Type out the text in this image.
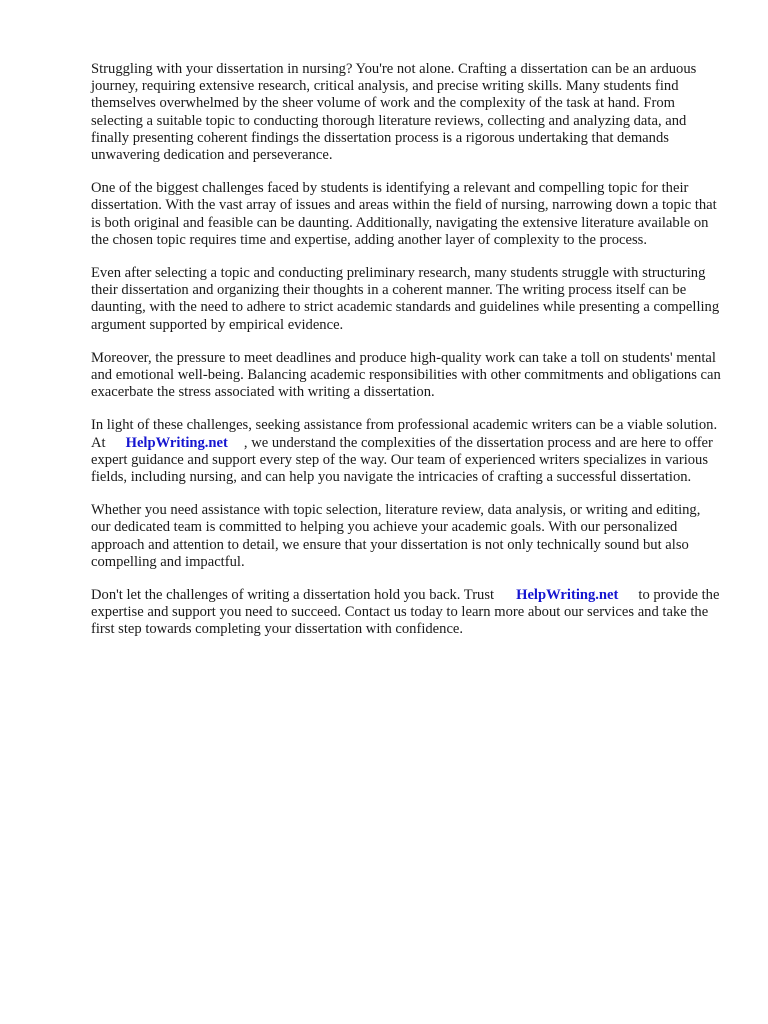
Struggling with your dissertation in nursing? You're not alone. Crafting a dissertation can be an arduous journey, requiring extensive research, critical analysis, and precise writing skills. Many students find themselves overwhelmed by the sheer volume of work and the complexity of the task at hand. From selecting a suitable topic to conducting thorough literature reviews, collecting and analyzing data, and finally presenting coherent findings the dissertation process is a rigorous undertaking that demands unwavering dedication and perseverance.

One of the biggest challenges faced by students is identifying a relevant and compelling topic for their dissertation. With the vast array of issues and areas within the field of nursing, narrowing down a topic that is both original and feasible can be daunting. Additionally, navigating the extensive literature available on the chosen topic requires time and expertise, adding another layer of complexity to the process.

Even after selecting a topic and conducting preliminary research, many students struggle with structuring their dissertation and organizing their thoughts in a coherent manner. The writing process itself can be daunting, with the need to adhere to strict academic standards and guidelines while presenting a compelling argument supported by empirical evidence.

Moreover, the pressure to meet deadlines and produce high-quality work can take a toll on students' mental and emotional well-being. Balancing academic responsibilities with other commitments and obligations can exacerbate the stress associated with writing a dissertation.

In light of these challenges, seeking assistance from professional academic writers can be a viable solution. At HelpWriting.net , we understand the complexities of the dissertation process and are here to offer expert guidance and support every step of the way. Our team of experienced writers specializes in various fields, including nursing, and can help you navigate the intricacies of crafting a successful dissertation.

Whether you need assistance with topic selection, literature review, data analysis, or writing and editing, our dedicated team is committed to helping you achieve your academic goals. With our personalized approach and attention to detail, we ensure that your dissertation is not only technically sound but also compelling and impactful.

Don't let the challenges of writing a dissertation hold you back. Trust HelpWriting.net to provide the expertise and support you need to succeed. Contact us today to learn more about our services and take the first step towards completing your dissertation with confidence.
